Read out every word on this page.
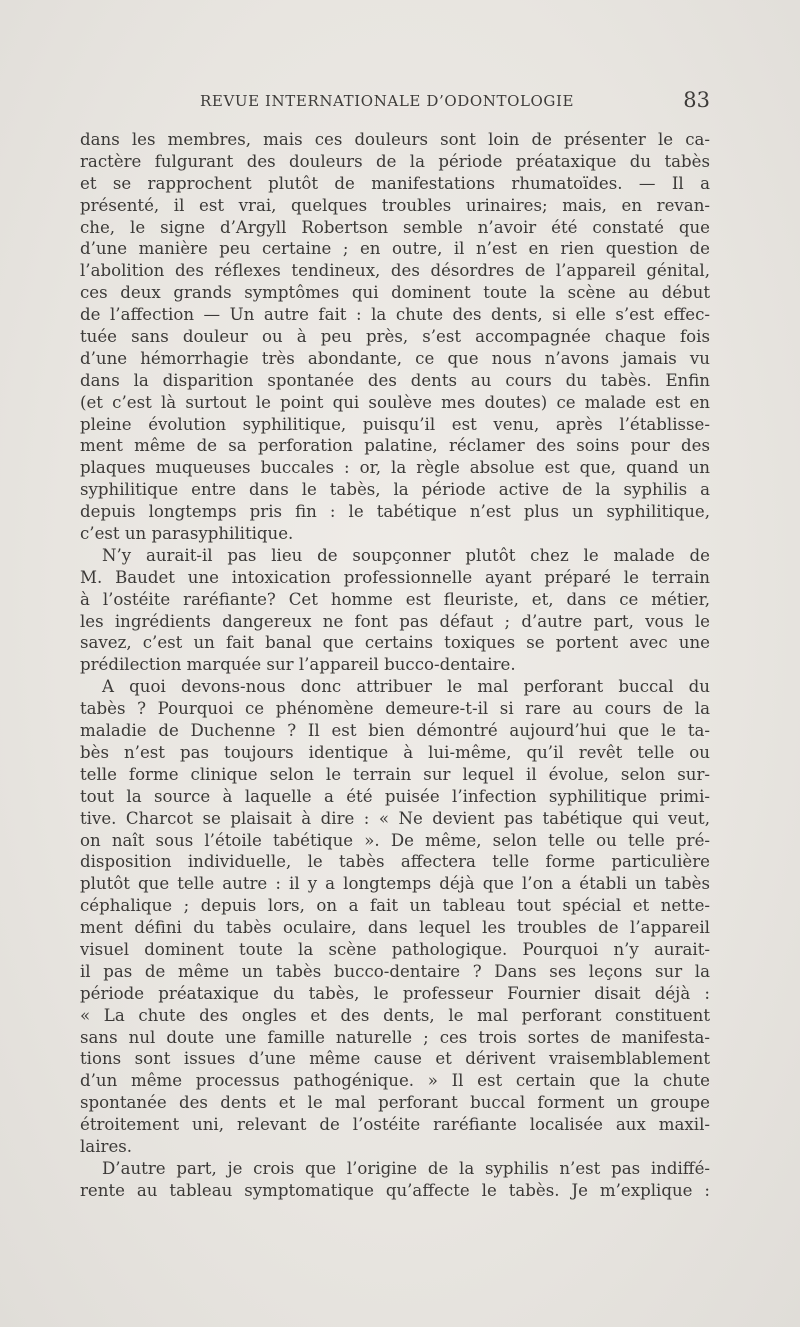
REVUE INTERNATIONALE D’ODONTOLOGIE	83
dans les membres, mais ces douleurs sont loin de présenter le ca-
ractère fulgurant des douleurs de la période préataxique du tabès
et se rapprochent plutôt de manifestations rhumatoïdes. — Il a
présenté, il est vrai, quelques troubles urinaires; mais, en revan-
che, le signe d’Argyll Robertson semble n’avoir été constaté que
d’une manière peu certaine ; en outre, il n’est en rien question de
l’abolition des réflexes tendineux, des désordres de l’appareil génital,
ces deux grands symptômes qui dominent toute la scène au début
de l’affection — Un autre fait : la chute des dents, si elle s’est effec-
tuée sans douleur ou à peu près, s’est accompagnée chaque fois
d’une hémorrhagie très abondante, ce que nous n’avons jamais vu
dans la disparition spontanée des dents au cours du tabès. Enfin
(et c’est là surtout le point qui soulève mes doutes) ce malade est en
pleine évolution syphilitique, puisqu’il est venu, après l’établisse-
ment même de sa perforation palatine, réclamer des soins pour des
plaques muqueuses buccales : or, la règle absolue est que, quand un
syphilitique entre dans le tabès, la période active de la syphilis a
depuis longtemps pris fin : le tabétique n’est plus un syphilitique,
c’est un parasyphilitique.
N’y aurait-il pas lieu de soupçonner plutôt chez le malade de
M. Baudet une intoxication professionnelle ayant préparé le terrain
à l’ostéite raréfiante? Cet homme est fleuriste, et, dans ce métier,
les ingrédients dangereux ne font pas défaut ; d’autre part, vous le
savez, c’est un fait banal que certains toxiques se portent avec une
prédilection marquée sur l’appareil bucco-dentaire.
A quoi devons-nous donc attribuer le mal perforant buccal du
tabès ? Pourquoi ce phénomène demeure-t-il si rare au cours de la
maladie de Duchenne ? Il est bien démontré aujourd’hui que le ta-
bès n’est pas toujours identique à lui-même, qu’il revêt telle ou
telle forme clinique selon le terrain sur lequel il évolue, selon sur-
tout la source à laquelle a été puisée l’infection syphilitique primi-
tive. Charcot se plaisait à dire : « Ne devient pas tabétique qui veut,
on naît sous l’étoile tabétique ». De même, selon telle ou telle pré-
disposition individuelle, le tabès affectera telle forme particulière
plutôt que telle autre : il y a longtemps déjà que l’on a établi un tabès
céphalique ; depuis lors, on a fait un tableau tout spécial et nette-
ment défini du tabès oculaire, dans lequel les troubles de l’appareil
visuel dominent toute la scène pathologique. Pourquoi n’y aurait-
il pas de même un tabès bucco-dentaire ? Dans ses leçons sur la
période préataxique du tabès, le professeur Fournier disait déjà :
« La chute des ongles et des dents, le mal perforant constituent
sans nul doute une famille naturelle ; ces trois sortes de manifesta-
tions sont issues d’une même cause et dérivent vraisemblablement
d’un même processus pathogénique. » Il est certain que la chute
spontanée des dents et le mal perforant buccal forment un groupe
étroitement uni, relevant de l’ostéite raréfiante localisée aux maxil-
laires.
D’autre part, je crois que l’origine de la syphilis n’est pas indiffé-
rente au tableau symptomatique qu’affecte le tabès. Je m’explique :
